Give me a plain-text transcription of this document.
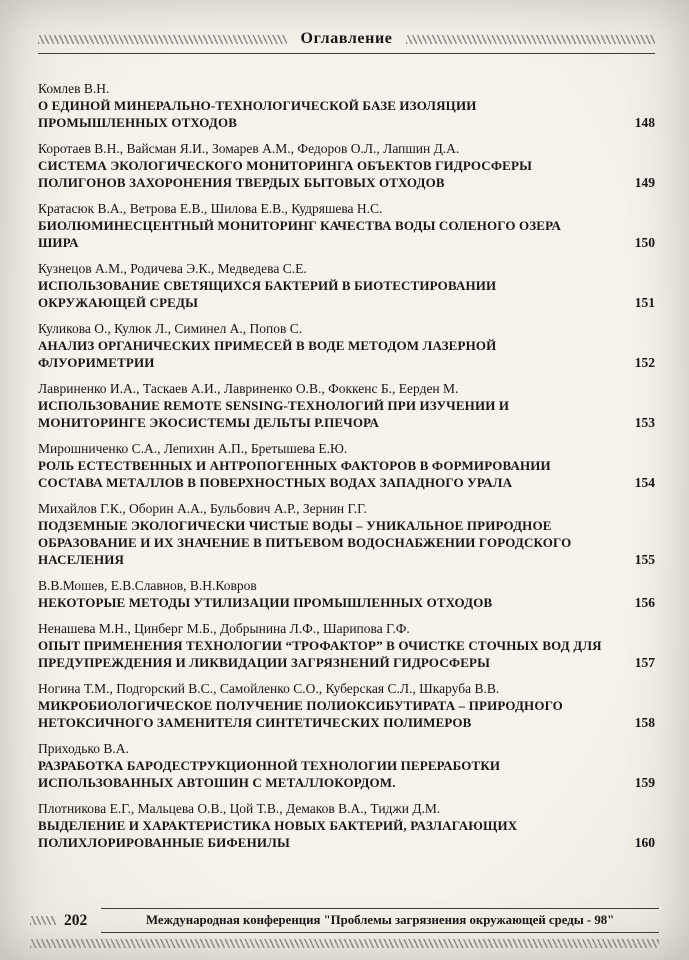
Оглавление
Комлев В.Н.
О ЕДИНОЙ МИНЕРАЛЬНО-ТЕХНОЛОГИЧЕСКОЙ БАЗЕ ИЗОЛЯЦИИ ПРОМЫШЛЕННЫХ ОТХОДОВ	148
Коротаев В.Н., Вайсман Я.И., Зомарев А.М., Федоров О.Л., Лапшин Д.А.
СИСТЕМА ЭКОЛОГИЧЕСКОГО МОНИТОРИНГА ОБЪЕКТОВ ГИДРОСФЕРЫ ПОЛИГОНОВ ЗАХОРОНЕНИЯ ТВЕРДЫХ БЫТОВЫХ ОТХОДОВ	149
Кратасюк В.А., Ветрова Е.В., Шилова Е.В., Кудряшева Н.С.
БИОЛЮМИНЕСЦЕНТНЫЙ МОНИТОРИНГ КАЧЕСТВА ВОДЫ СОЛЕНОГО ОЗЕРА ШИРА	150
Кузнецов А.М., Родичева Э.К., Медведева С.Е.
ИСПОЛЬЗОВАНИЕ СВЕТЯЩИХСЯ БАКТЕРИЙ В БИОТЕСТИРОВАНИИ ОКРУЖАЮЩЕЙ СРЕДЫ	151
Куликова О., Кулюк Л., Симинел А., Попов С.
АНАЛИЗ ОРГАНИЧЕСКИХ ПРИМЕСЕЙ В ВОДЕ МЕТОДОМ ЛАЗЕРНОЙ ФЛУОРИМЕТРИИ	152
Лавриненко И.А., Таскаев А.И., Лавриненко О.В., Фоккенс Б., Еерден М.
ИСПОЛЬЗОВАНИЕ REMOTE SENSING-ТЕХНОЛОГИЙ ПРИ ИЗУЧЕНИИ И МОНИТОРИНГЕ ЭКОСИСТЕМЫ ДЕЛЬТЫ Р.ПЕЧОРА	153
Мирошниченко С.А., Лепихин А.П., Бретышева Е.Ю.
РОЛЬ ЕСТЕСТВЕННЫХ И АНТРОПОГЕННЫХ ФАКТОРОВ В ФОРМИРОВАНИИ СОСТАВА МЕТАЛЛОВ В ПОВЕРХНОСТНЫХ ВОДАХ ЗАПАДНОГО УРАЛА	154
Михайлов Г.К., Оборин А.А., Бульбович А.Р., Зернин Г.Г.
ПОДЗЕМНЫЕ ЭКОЛОГИЧЕСКИ ЧИСТЫЕ ВОДЫ – УНИКАЛЬНОЕ ПРИРОДНОЕ ОБРАЗОВАНИЕ И ИХ ЗНАЧЕНИЕ В ПИТЬЕВОМ ВОДОСНАБЖЕНИИ ГОРОДСКОГО НАСЕЛЕНИЯ	155
В.В.Мошев, Е.В.Славнов, В.Н.Ковров
НЕКОТОРЫЕ МЕТОДЫ УТИЛИЗАЦИИ ПРОМЫШЛЕННЫХ ОТХОДОВ	156
Ненашева М.Н., Цинберг М.Б., Добрынина Л.Ф., Шарипова Г.Ф.
ОПЫТ ПРИМЕНЕНИЯ ТЕХНОЛОГИИ “ТРОФАКТОР” В ОЧИСТКЕ СТОЧНЫХ ВОД ДЛЯ ПРЕДУПРЕЖДЕНИЯ И ЛИКВИДАЦИИ ЗАГРЯЗНЕНИЙ ГИДРОСФЕРЫ	157
Ногина Т.М., Подгорский В.С., Самойленко С.О., Куберская С.Л., Шкаруба В.В.
МИКРОБИОЛОГИЧЕСКОЕ ПОЛУЧЕНИЕ ПОЛИОКСИБУТИРАТА – ПРИРОДНОГО НЕТОКСИЧНОГО ЗАМЕНИТЕЛЯ СИНТЕТИЧЕСКИХ ПОЛИМЕРОВ	158
Приходько В.А.
РАЗРАБОТКА БАРОДЕСТРУКЦИОННОЙ ТЕХНОЛОГИИ ПЕРЕРАБОТКИ ИСПОЛЬЗОВАННЫХ АВТОШИН С МЕТАЛЛОКОРДОМ.	159
Плотникова Е.Г., Мальцева О.В., Цой Т.В., Демаков В.А., Тиджи Д.М.
ВЫДЕЛЕНИЕ И ХАРАКТЕРИСТИКА НОВЫХ БАКТЕРИЙ, РАЗЛАГАЮЩИХ ПОЛИХЛОРИРОВАННЫЕ БИФЕНИЛЫ	160
202	Международная конференция "Проблемы загрязнения окружающей среды - 98"
